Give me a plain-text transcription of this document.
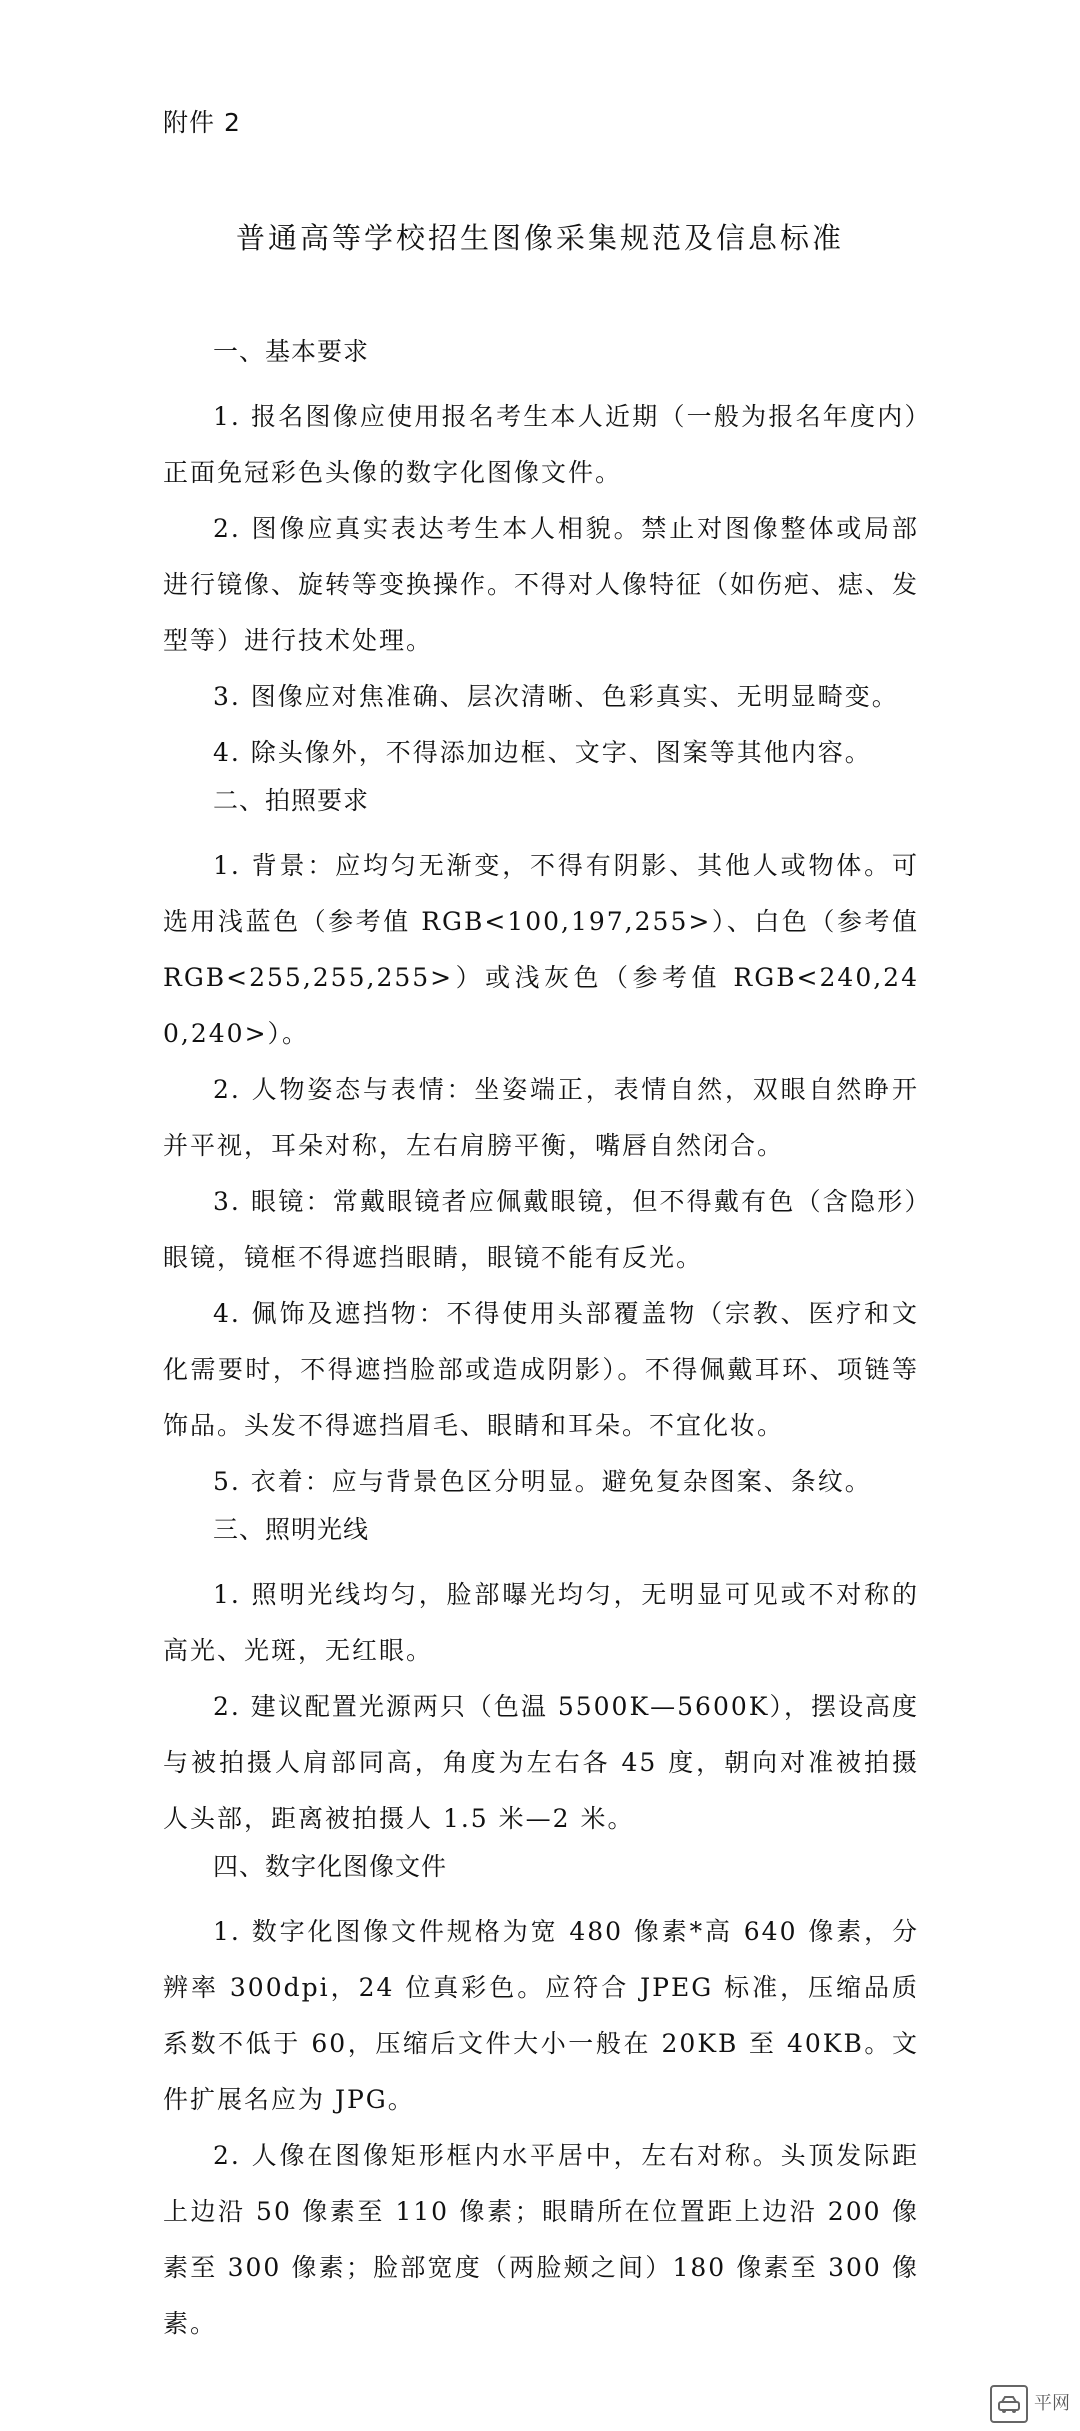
附件 2
普通高等学校招生图像采集规范及信息标准
一、基本要求

1. 报名图像应使用报名考生本人近期（一般为报名年度内）正面免冠彩色头像的数字化图像文件。

2. 图像应真实表达考生本人相貌。禁止对图像整体或局部进行镜像、旋转等变换操作。不得对人像特征（如伤疤、痣、发型等）进行技术处理。

3. 图像应对焦准确、层次清晰、色彩真实、无明显畸变。

4. 除头像外，不得添加边框、文字、图案等其他内容。

二、拍照要求

1. 背景：应均匀无渐变，不得有阴影、其他人或物体。可选用浅蓝色（参考值 RGB<100,197,255>）、白色（参考值 RGB<255,255,255>）或浅灰色（参考值 RGB<240,240,240>）。

2. 人物姿态与表情：坐姿端正，表情自然，双眼自然睁开并平视，耳朵对称，左右肩膀平衡，嘴唇自然闭合。

3. 眼镜：常戴眼镜者应佩戴眼镜，但不得戴有色（含隐形）眼镜，镜框不得遮挡眼睛，眼镜不能有反光。

4. 佩饰及遮挡物：不得使用头部覆盖物（宗教、医疗和文化需要时，不得遮挡脸部或造成阴影）。不得佩戴耳环、项链等饰品。头发不得遮挡眉毛、眼睛和耳朵。不宜化妆。

5. 衣着：应与背景色区分明显。避免复杂图案、条纹。

三、照明光线

1. 照明光线均匀，脸部曝光均匀，无明显可见或不对称的高光、光斑，无红眼。

2. 建议配置光源两只（色温 5500K—5600K），摆设高度与被拍摄人肩部同高，角度为左右各 45 度，朝向对准被拍摄人头部，距离被拍摄人 1.5 米—2 米。

四、数字化图像文件

1. 数字化图像文件规格为宽 480 像素*高 640 像素，分辨率 300dpi，24 位真彩色。应符合 JPEG 标准，压缩品质系数不低于 60，压缩后文件大小一般在 20KB 至 40KB。文件扩展名应为 JPG。

2. 人像在图像矩形框内水平居中，左右对称。头顶发际距上边沿 50 像素至 110 像素；眼睛所在位置距上边沿 200 像素至 300 像素；脸部宽度（两脸颊之间）180 像素至 300 像素。

平网
